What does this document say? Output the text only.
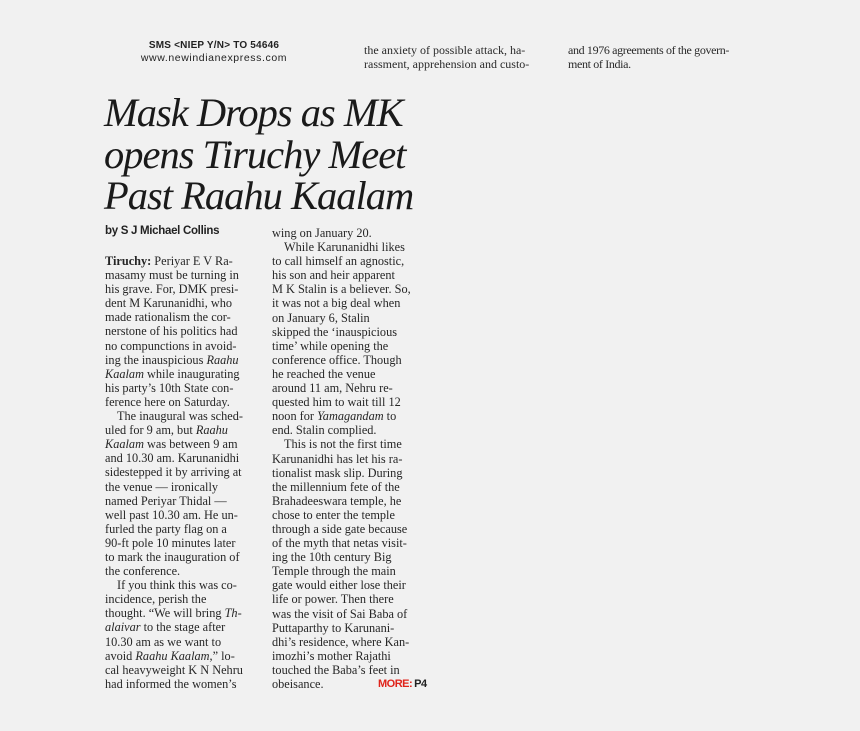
SMS <NIEP Y/N> TO 54646
www.newindianexpress.com
the anxiety of possible attack, ha-
rassment, apprehension and custo-
and 1976 agreements of the govern-
ment of India.
Mask Drops as MK
opens Tiruchy Meet
Past Raahu Kaalam
by S J Michael Collins
Tiruchy: Periyar E V Ra-
masamy must be turning in
his grave. For, DMK presi-
dent M Karunanidhi, who
made rationalism the cor-
nerstone of his politics had
no compunctions in avoid-
ing the inauspicious Raahu
Kaalam while inaugurating
his party’s 10th State con-
ference here on Saturday.
The inaugural was sched-
uled for 9 am, but Raahu
Kaalam was between 9 am
and 10.30 am. Karunanidhi
sidestepped it by arriving at
the venue — ironically
named Periyar Thidal —
well past 10.30 am. He un-
furled the party flag on a
90-ft pole 10 minutes later
to mark the inauguration of
the conference.
If you think this was co-
incidence, perish the
thought. “We will bring Th-
alaivar to the stage after
10.30 am as we want to
avoid Raahu Kaalam,” lo-
cal heavyweight K N Nehru
had informed the women’s
wing on January 20.
While Karunanidhi likes
to call himself an agnostic,
his son and heir apparent
M K Stalin is a believer. So,
it was not a big deal when
on January 6, Stalin
skipped the ‘inauspicious
time’ while opening the
conference office. Though
he reached the venue
around 11 am, Nehru re-
quested him to wait till 12
noon for Yamagandam to
end. Stalin complied.
This is not the first time
Karunanidhi has let his ra-
tionalist mask slip. During
the millennium fete of the
Brahadeeswara temple, he
chose to enter the temple
through a side gate because
of the myth that netas visit-
ing the 10th century Big
Temple through the main
gate would either lose their
life or power. Then there
was the visit of Sai Baba of
Puttaparthy to Karunani-
dhi’s residence, where Kan-
imozhi’s mother Rajathi
touched the Baba’s feet in
obeisance.	MORE: P4
